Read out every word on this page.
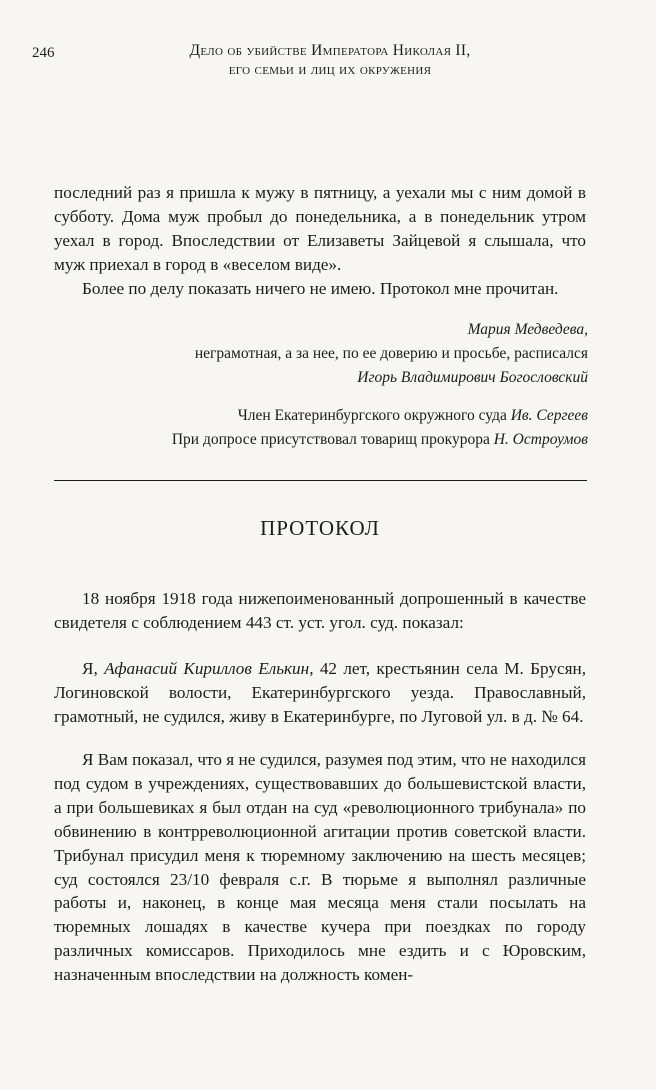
246	Дело об убийстве Императора Николая II,
его семьи и лиц их окружения

последний раз я пришла к мужу в пятницу, а уехали мы с ним домой в субботу. Дома муж пробыл до понедельника, а в понедельник утром уехал в город. Впоследствии от Елизаветы Зайцевой я слышала, что муж приехал в город в «веселом виде».

Более по делу показать ничего не имею. Протокол мне прочитан.

Мария Медведева,
неграмотная, а за нее, по ее доверию и просьбе, расписался
Игорь Владимирович Богословский
Член Екатеринбургского окружного суда Ив. Сергеев
При допросе присутствовал товарищ прокурора Н. Остроумов
ПРОТОКОЛ

18 ноября 1918 года нижепоименованный допрошенный в качестве свидетеля с соблюдением 443 ст. уст. угол. суд. показал:

Я, Афанасий Кириллов Елькин, 42 лет, крестьянин села М. Брусян, Логиновской волости, Екатеринбургского уезда. Православный, грамотный, не судился, живу в Екатеринбурге, по Луговой ул. в д. № 64.

Я Вам показал, что я не судился, разумея под этим, что не находился под судом в учреждениях, существовавших до большевистской власти, а при большевиках я был отдан на суд «революционного трибунала» по обвинению в контрреволюционной агитации против советской власти. Трибунал присудил меня к тюремному заключению на шесть месяцев; суд состоялся 23/10 февраля с.г. В тюрьме я выполнял различные работы и, наконец, в конце мая месяца меня стали посылать на тюремных лошадях в качестве кучера при поездках по городу различных комиссаров. Приходилось мне ездить и с Юровским, назначенным впоследствии на должность комен-
